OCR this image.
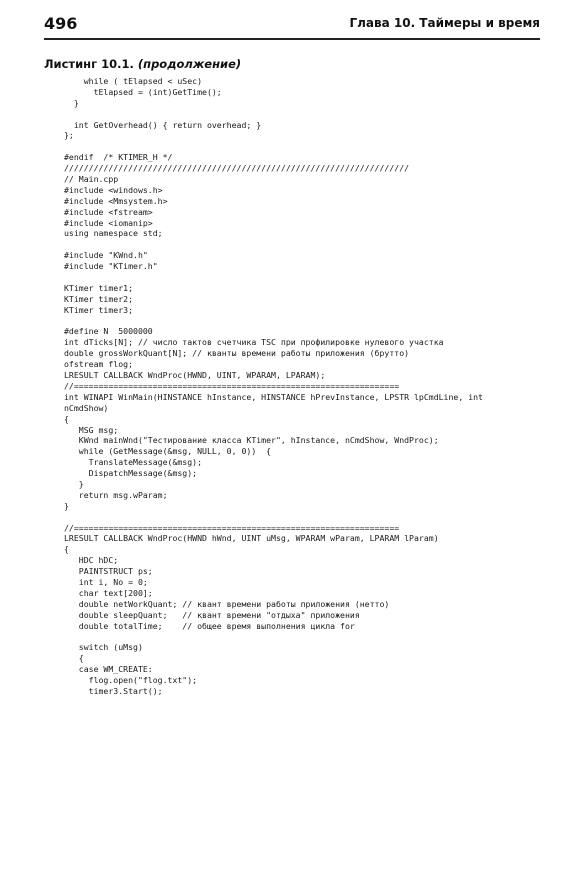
496	Глава 10. Таймеры и время
Листинг 10.1. (продолжение)
while ( tElapsed < uSec)
tElapsed = (int)GetTime();
}

int GetOverhead() { return overhead; }
};

#endif  /* KTIMER_H */
//////////////////////////////////////////////////////////////////////
// Main.cpp
#include <windows.h>
#include <Mmsystem.h>
#include <fstream>
#include <iomanip>
using namespace std;

#include "KWnd.h"
#include "KTimer.h"

KTimer timer1;
KTimer timer2;
KTimer timer3;

#define N  5000000
int dTicks[N]; // число тактов счетчика TSC при профилировке нулевого участка
double grossWorkQuant[N]; // кванты времени работы приложения (брутто)
ofstream flog;
LRESULT CALLBACK WndProc(HWND, UINT, WPARAM, LPARAM);
//==================================================================
int WINAPI WinMain(HINSTANCE hInstance, HINSTANCE hPrevInstance, LPSTR lpCmdLine, int
nCmdShow)
{
MSG msg;
KWnd mainWnd("Тестирование класса KTimer", hInstance, nCmdShow, WndProc);
while (GetMessage(&msg, NULL, 0, 0))  {
TranslateMessage(&msg);
DispatchMessage(&msg);
}
return msg.wParam;
}

//==================================================================
LRESULT CALLBACK WndProc(HWND hWnd, UINT uMsg, WPARAM wParam, LPARAM lParam)
{
HDC hDC;
PAINTSTRUCT ps;
int i, No = 0;
char text[200];
double netWorkQuant; // квант времени работы приложения (нетто)
double sleepQuant;   // квант времени "отдыха" приложения
double totalTime;    // общее время выполнения цикла for

switch (uMsg)
{
case WM_CREATE:
flog.open("flog.txt");
timer3.Start();
